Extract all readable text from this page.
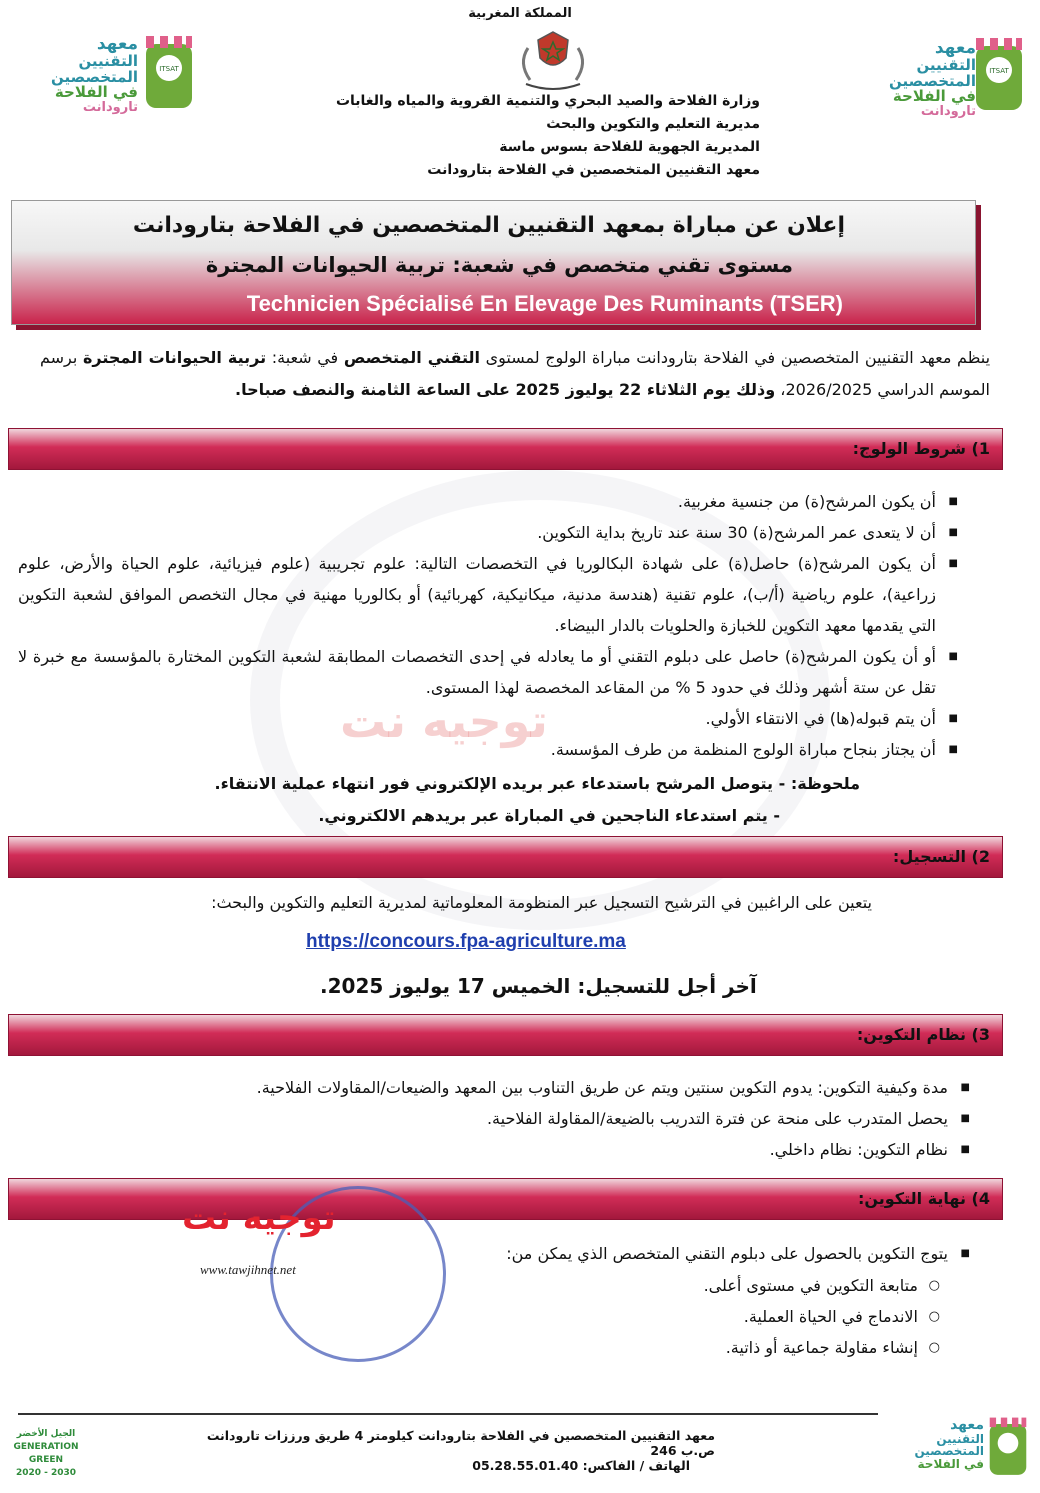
المملكة المغربية
معهد
التقنيين
المتخصصين
في الفلاحة
تارودانت
ITSAT
معهد
التقنيين
المتخصصين
في الفلاحة
تارودانت
ITSAT
وزارة الفلاحة والصيد البحري والتنمية القروية والمياه والغابات
مديرية التعليم والتكوين والبحث
المديرية الجهوية للفلاحة بسوس ماسة
معهد التقنيين المتخصصين في الفلاحة بتارودانت
توجيه نت
إعلان عن مباراة بمعهد التقنيين المتخصصين في الفلاحة بتارودانت
مستوى تقني متخصص في شعبة: تربية الحيوانات المجترة
Technicien Spécialisé En Elevage Des Ruminants (TSER)
ينظم معهد التقنيين المتخصصين في الفلاحة بتارودانت مباراة الولوج لمستوى التقني المتخصص في شعبة: تربية الحيوانات المجترة برسم الموسم الدراسي 2026/2025، وذلك يوم الثلاثاء 22 يوليوز 2025 على الساعة الثامنة والنصف صباحا.
1) شروط الولوج:
■ أن يكون المرشح(ة) من جنسية مغربية.
■ أن لا يتعدى عمر المرشح(ة) 30 سنة عند تاريخ بداية التكوين.
■ أن يكون المرشح(ة) حاصل(ة) على شهادة البكالوريا في التخصصات التالية: علوم تجريبية (علوم فيزيائية، علوم الحياة والأرض، علوم زراعية)، علوم رياضية (أ/ب)، علوم تقنية (هندسة مدنية، ميكانيكية، كهربائية) أو بكالوريا مهنية في مجال التخصص الموافق لشعبة التكوين التي يقدمها معهد التكوين للخبازة والحلويات بالدار البيضاء.
■ أو أن يكون المرشح(ة) حاصل على دبلوم التقني أو ما يعادله في إحدى التخصصات المطابقة لشعبة التكوين المختارة بالمؤسسة مع خبرة لا تقل عن ستة أشهر وذلك في حدود 5 % من المقاعد المخصصة لهذا المستوى.
■ أن يتم قبوله(ها) في الانتقاء الأولي.
■ أن يجتاز بنجاح مباراة الولوج المنظمة من طرف المؤسسة.
ملحوظة: - يتوصل المرشح باستدعاء عبر بريده الإلكتروني فور انتهاء عملية الانتقاء.
- يتم استدعاء الناجحين في المباراة عبر بريدهم الالكتروني.
2) التسجيل:
يتعين على الراغبين في الترشيح التسجيل عبر المنظومة المعلوماتية لمديرية التعليم والتكوين والبحث:
https://concours.fpa-agriculture.ma
آخر أجل للتسجيل: الخميس 17 يوليوز 2025.
3) نظام التكوين:
■ مدة وكيفية التكوين: يدوم التكوين سنتين ويتم عن طريق التناوب بين المعهد والضيعات/المقاولات الفلاحية.
■ يحصل المتدرب على منحة عن فترة التدريب بالضيعة/المقاولة الفلاحية.
■ نظام التكوين: نظام داخلي.
4) نهاية التكوين:
■ يتوج التكوين بالحصول على دبلوم التقني المتخصص الذي يمكن من:
○ متابعة التكوين في مستوى أعلى.
○ الاندماج في الحياة العملية.
○ إنشاء مقاولة جماعية أو ذاتية.
توجيه نت
www.tawjihnet.net
معهد التقنيين المتخصصين في الفلاحة بتارودانت كيلومتر 4 طريق ورززات تارودانت ص.ب 246
الهاتف / الفاكس: 05.28.55.01.40
الجيل الأخضر
GENERATION GREEN
2020 - 2030
معهد
التقنيين
المتخصصين
في الفلاحة
